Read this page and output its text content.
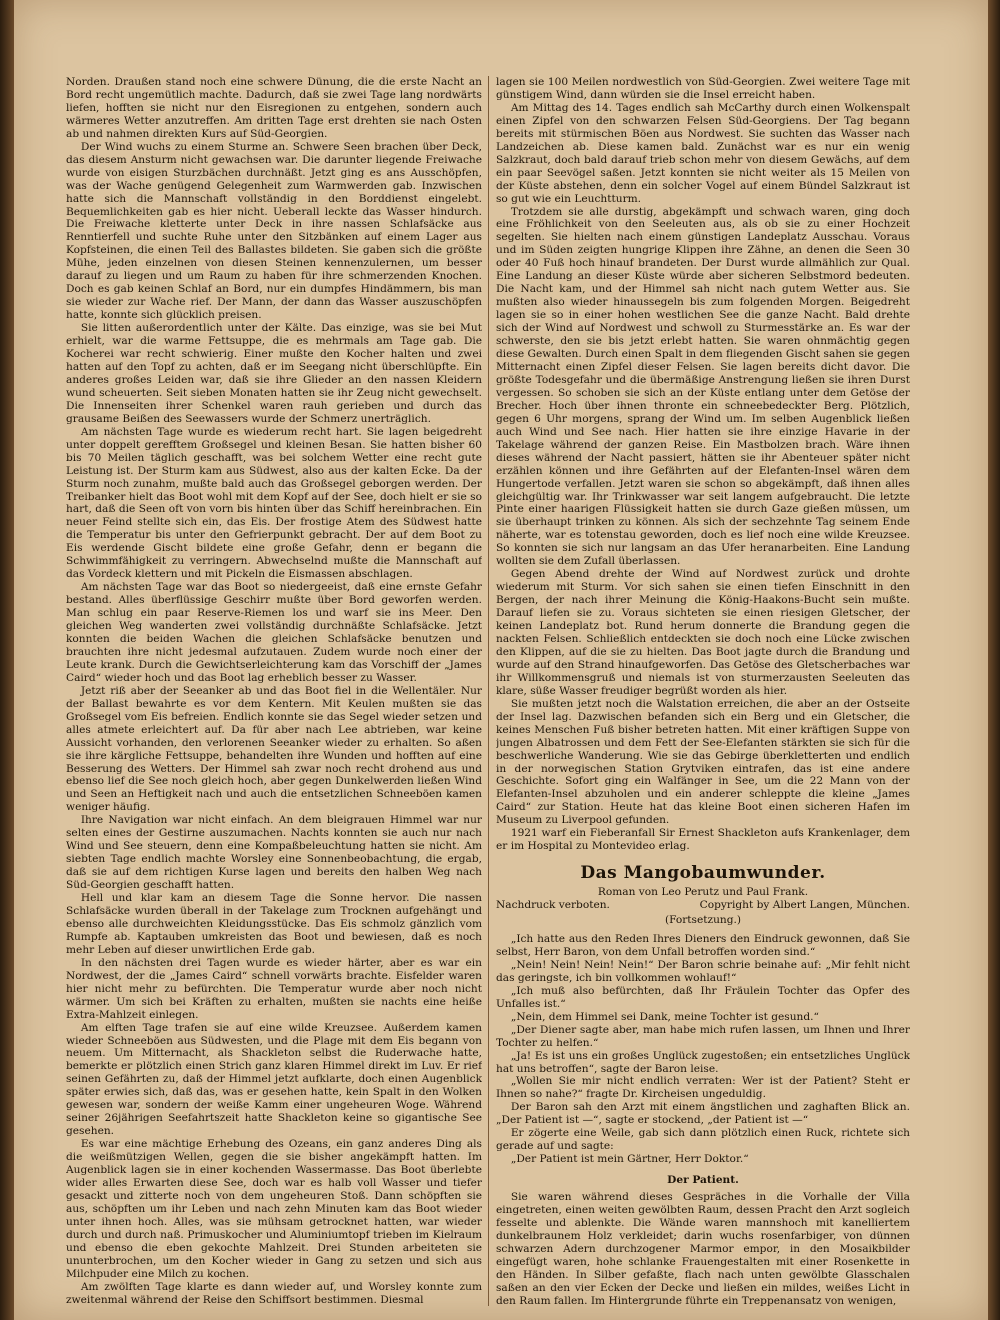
Norden. Draußen stand noch eine schwere Dünung, die die erste Nacht an Bord recht ungemütlich machte. Dadurch, daß sie zwei Tage lang nordwärts liefen, hofften sie nicht nur den Eisregionen zu entgehen, sondern auch wärmeres Wetter anzutreffen. Am dritten Tage erst drehten sie nach Osten ab und nahmen direkten Kurs auf Süd-Georgien.

Der Wind wuchs zu einem Sturme an. Schwere Seen brachen über Deck, das diesem Ansturm nicht gewachsen war. Die darunter liegende Freiwache wurde von eisigen Sturzbächen durchnäßt. Jetzt ging es ans Ausschöpfen, was der Wache genügend Gelegenheit zum Warmwerden gab. Inzwischen hatte sich die Mannschaft vollständig in den Borddienst eingelebt. Bequemlichkeiten gab es hier nicht. Ueberall leckte das Wasser hindurch. Die Freiwache kletterte unter Deck in ihre nassen Schlafsäcke aus Renntierfell und suchte Ruhe unter den Sitzbänken auf einem Lager aus Kopfsteinen, die einen Teil des Ballastes bildeten. Sie gaben sich die größte Mühe, jeden einzelnen von diesen Steinen kennenzulernen, um besser darauf zu liegen und um Raum zu haben für ihre schmerzenden Knochen. Doch es gab keinen Schlaf an Bord, nur ein dumpfes Hindämmern, bis man sie wieder zur Wache rief. Der Mann, der dann das Wasser auszuschöpfen hatte, konnte sich glücklich preisen.

Sie litten außerordentlich unter der Kälte. Das einzige, was sie bei Mut erhielt, war die warme Fettsuppe, die es mehrmals am Tage gab. Die Kocherei war recht schwierig. Einer mußte den Kocher halten und zwei hatten auf den Topf zu achten, daß er im Seegang nicht überschlüpfte. Ein anderes großes Leiden war, daß sie ihre Glieder an den nassen Kleidern wund scheuerten. Seit sieben Monaten hatten sie ihr Zeug nicht gewechselt. Die Innenseiten ihrer Schenkel waren rauh gerieben und durch das grausame Beißen des Seewassers wurde der Schmerz unerträglich.

Am nächsten Tage wurde es wiederum recht hart. Sie lagen beigedreht unter doppelt gerefftem Großsegel und kleinen Besan. Sie hatten bisher 60 bis 70 Meilen täglich geschafft, was bei solchem Wetter eine recht gute Leistung ist. Der Sturm kam aus Südwest, also aus der kalten Ecke. Da der Sturm noch zunahm, mußte bald auch das Großsegel geborgen werden. Der Treibanker hielt das Boot wohl mit dem Kopf auf der See, doch hielt er sie so hart, daß die Seen oft von vorn bis hinten über das Schiff hereinbrachen. Ein neuer Feind stellte sich ein, das Eis. Der frostige Atem des Südwest hatte die Temperatur bis unter den Gefrierpunkt gebracht. Der auf dem Boot zu Eis werdende Gischt bildete eine große Gefahr, denn er begann die Schwimmfähigkeit zu verringern. Abwechselnd mußte die Mannschaft auf das Vordeck klettern und mit Pickeln die Eismassen abschlagen.

Am nächsten Tage war das Boot so niedergeeist, daß eine ernste Gefahr bestand. Alles überflüssige Geschirr mußte über Bord geworfen werden. Man schlug ein paar Reserve-Riemen los und warf sie ins Meer. Den gleichen Weg wanderten zwei vollständig durchnäßte Schlafsäcke. Jetzt konnten die beiden Wachen die gleichen Schlafsäcke benutzen und brauchten ihre nicht jedesmal aufzutauen. Zudem wurde noch einer der Leute krank. Durch die Gewichtserleichterung kam das Vorschiff der „James Caird“ wieder hoch und das Boot lag erheblich besser zu Wasser.

Jetzt riß aber der Seeanker ab und das Boot fiel in die Wellentäler. Nur der Ballast bewahrte es vor dem Kentern. Mit Keulen mußten sie das Großsegel vom Eis befreien. Endlich konnte sie das Segel wieder setzen und alles atmete erleichtert auf. Da für aber nach Lee abtrieben, war keine Aussicht vorhanden, den verlorenen Seeanker wieder zu erhalten. So aßen sie ihre kärgliche Fettsuppe, behandelten ihre Wunden und hofften auf eine Besserung des Wetters. Der Himmel sah zwar noch recht drohend aus und ebenso lief die See noch gleich hoch, aber gegen Dunkelwerden ließen Wind und Seen an Heftigkeit nach und auch die entsetzlichen Schneeböen kamen weniger häufig.

Ihre Navigation war nicht einfach. An dem bleigrauen Himmel war nur selten eines der Gestirne auszumachen. Nachts konnten sie auch nur nach Wind und See steuern, denn eine Kompaßbeleuchtung hatten sie nicht. Am siebten Tage endlich machte Worsley eine Sonnenbeobachtung, die ergab, daß sie auf dem richtigen Kurse lagen und bereits den halben Weg nach Süd-Georgien geschafft hatten.

Hell und klar kam an diesem Tage die Sonne hervor. Die nassen Schlafsäcke wurden überall in der Takelage zum Trocknen aufgehängt und ebenso alle durchweichten Kleidungsstücke. Das Eis schmolz gänzlich vom Rumpfe ab. Kaptauben umkreisten das Boot und bewiesen, daß es noch mehr Leben auf dieser unwirtlichen Erde gab.

In den nächsten drei Tagen wurde es wieder härter, aber es war ein Nordwest, der die „James Caird“ schnell vorwärts brachte. Eisfelder waren hier nicht mehr zu befürchten. Die Temperatur wurde aber noch nicht wärmer. Um sich bei Kräften zu erhalten, mußten sie nachts eine heiße Extra-Mahlzeit einlegen.

Am elften Tage trafen sie auf eine wilde Kreuzsee. Außerdem kamen wieder Schneeböen aus Südwesten, und die Plage mit dem Eis begann von neuem. Um Mitternacht, als Shackleton selbst die Ruderwache hatte, bemerkte er plötzlich einen Strich ganz klaren Himmel direkt im Luv. Er rief seinen Gefährten zu, daß der Himmel jetzt aufklarte, doch einen Augenblick später erwies sich, daß das, was er gesehen hatte, kein Spalt in den Wolken gewesen war, sondern der weiße Kamm einer ungeheuren Woge. Während seiner 26jährigen Seefahrtszeit hatte Shackleton keine so gigantische See gesehen.

Es war eine mächtige Erhebung des Ozeans, ein ganz anderes Ding als die weißmützigen Wellen, gegen die sie bisher angekämpft hatten. Im Augenblick lagen sie in einer kochenden Wassermasse. Das Boot überlebte wider alles Erwarten diese See, doch war es halb voll Wasser und tiefer gesackt und zitterte noch von dem ungeheuren Stoß. Dann schöpften sie aus, schöpften um ihr Leben und nach zehn Minuten kam das Boot wieder unter ihnen hoch. Alles, was sie mühsam getrocknet hatten, war wieder durch und durch naß. Primuskocher und Aluminiumtopf trieben im Kielraum und ebenso die eben gekochte Mahlzeit. Drei Stunden arbeiteten sie ununterbrochen, um den Kocher wieder in Gang zu setzen und sich aus Milchpuder eine Milch zu kochen.

Am zwölften Tage klarte es dann wieder auf, und Worsley konnte zum zweitenmal während der Reise den Schiffsort bestimmen. Diesmal

lagen sie 100 Meilen nordwestlich von Süd-Georgien. Zwei weitere Tage mit günstigem Wind, dann würden sie die Insel erreicht haben.

Am Mittag des 14. Tages endlich sah McCarthy durch einen Wolkenspalt einen Zipfel von den schwarzen Felsen Süd-Georgiens. Der Tag begann bereits mit stürmischen Böen aus Nordwest. Sie suchten das Wasser nach Landzeichen ab. Diese kamen bald. Zunächst war es nur ein wenig Salzkraut, doch bald darauf trieb schon mehr von diesem Gewächs, auf dem ein paar Seevögel saßen. Jetzt konnten sie nicht weiter als 15 Meilen von der Küste abstehen, denn ein solcher Vogel auf einem Bündel Salzkraut ist so gut wie ein Leuchtturm.

Trotzdem sie alle durstig, abgekämpft und schwach waren, ging doch eine Fröhlichkeit von den Seeleuten aus, als ob sie zu einer Hochzeit segelten. Sie hielten nach einem günstigen Landeplatz Ausschau. Voraus und im Süden zeigten hungrige Klippen ihre Zähne, an denen die Seen 30 oder 40 Fuß hoch hinauf brandeten. Der Durst wurde allmählich zur Qual. Eine Landung an dieser Küste würde aber sicheren Selbstmord bedeuten. Die Nacht kam, und der Himmel sah nicht nach gutem Wetter aus. Sie mußten also wieder hinaussegeln bis zum folgenden Morgen. Beigedreht lagen sie so in einer hohen westlichen See die ganze Nacht. Bald drehte sich der Wind auf Nordwest und schwoll zu Sturmesstärke an. Es war der schwerste, den sie bis jetzt erlebt hatten. Sie waren ohnmächtig gegen diese Gewalten. Durch einen Spalt in dem fliegenden Gischt sahen sie gegen Mitternacht einen Zipfel dieser Felsen. Sie lagen bereits dicht davor. Die größte Todesgefahr und die übermäßige Anstrengung ließen sie ihren Durst vergessen. So schoben sie sich an der Küste entlang unter dem Getöse der Brecher. Hoch über ihnen thronte ein schneebedeckter Berg. Plötzlich, gegen 6 Uhr morgens, sprang der Wind um. Im selben Augenblick ließen auch Wind und See nach. Hier hatten sie ihre einzige Havarie in der Takelage während der ganzen Reise. Ein Mastbolzen brach. Wäre ihnen dieses während der Nacht passiert, hätten sie ihr Abenteuer später nicht erzählen können und ihre Gefährten auf der Elefanten-Insel wären dem Hungertode verfallen. Jetzt waren sie schon so abgekämpft, daß ihnen alles gleichgültig war. Ihr Trinkwasser war seit langem aufgebraucht. Die letzte Pinte einer haarigen Flüssigkeit hatten sie durch Gaze gießen müssen, um sie überhaupt trinken zu können. Als sich der sechzehnte Tag seinem Ende näherte, war es totenstau geworden, doch es lief noch eine wilde Kreuzsee. So konnten sie sich nur langsam an das Ufer heranarbeiten. Eine Landung wollten sie dem Zufall überlassen.

Gegen Abend drehte der Wind auf Nordwest zurück und drohte wiederum mit Sturm. Vor sich sahen sie einen tiefen Einschnitt in den Bergen, der nach ihrer Meinung die König-Haakons-Bucht sein mußte. Darauf liefen sie zu. Voraus sichteten sie einen riesigen Gletscher, der keinen Landeplatz bot. Rund herum donnerte die Brandung gegen die nackten Felsen. Schließlich entdeckten sie doch noch eine Lücke zwischen den Klippen, auf die sie zu hielten. Das Boot jagte durch die Brandung und wurde auf den Strand hinaufgeworfen. Das Getöse des Gletscherbaches war ihr Willkommensgruß und niemals ist von sturmerzausten Seeleuten das klare, süße Wasser freudiger begrüßt worden als hier.

Sie mußten jetzt noch die Walstation erreichen, die aber an der Ostseite der Insel lag. Dazwischen befanden sich ein Berg und ein Gletscher, die keines Menschen Fuß bisher betreten hatten. Mit einer kräftigen Suppe von jungen Albatrossen und dem Fett der See-Elefanten stärkten sie sich für die beschwerliche Wanderung. Wie sie das Gebirge überkletterten und endlich in der norwegischen Station Grytviken eintrafen, das ist eine andere Geschichte. Sofort ging ein Walfänger in See, um die 22 Mann von der Elefanten-Insel abzuholen und ein anderer schleppte die kleine „James Caird“ zur Station. Heute hat das kleine Boot einen sicheren Hafen im Museum zu Liverpool gefunden.

1921 warf ein Fieberanfall Sir Ernest Shackleton aufs Krankenlager, dem er im Hospital zu Montevideo erlag.

Das Mangobaumwunder.

Roman von Leo Perutz und Paul Frank.

Nachdruck verboten.	Copyright by Albert Langen, München.

(Fortsetzung.)

„Ich hatte aus den Reden Ihres Dieners den Eindruck gewonnen, daß Sie selbst, Herr Baron, von dem Unfall betroffen worden sind.“

„Nein! Nein! Nein! Nein!“ Der Baron schrie beinahe auf: „Mir fehlt nicht das geringste, ich bin vollkommen wohlauf!“

„Ich muß also befürchten, daß Ihr Fräulein Tochter das Opfer des Unfalles ist.“

„Nein, dem Himmel sei Dank, meine Tochter ist gesund.“

„Der Diener sagte aber, man habe mich rufen lassen, um Ihnen und Ihrer Tochter zu helfen.“

„Ja! Es ist uns ein großes Unglück zugestoßen; ein entsetzliches Unglück hat uns betroffen“, sagte der Baron leise.

„Wollen Sie mir nicht endlich verraten: Wer ist der Patient? Steht er Ihnen so nahe?“ fragte Dr. Kircheisen ungeduldig.

Der Baron sah den Arzt mit einem ängstlichen und zaghaften Blick an. „Der Patient ist —“, sagte er stockend, „der Patient ist —“

Er zögerte eine Weile, gab sich dann plötzlich einen Ruck, richtete sich gerade auf und sagte:

„Der Patient ist mein Gärtner, Herr Doktor.“

Der Patient.

Sie waren während dieses Gespräches in die Vorhalle der Villa eingetreten, einen weiten gewölbten Raum, dessen Pracht den Arzt sogleich fesselte und ablenkte. Die Wände waren mannshoch mit kanelliertem dunkelbraunem Holz verkleidet; darin wuchs rosenfarbiger, von dünnen schwarzen Adern durchzogener Marmor empor, in den Mosaikbilder eingefügt waren, hohe schlanke Frauengestalten mit einer Rosenkette in den Händen. In Silber gefaßte, flach nach unten gewölbte Glasschalen saßen an den vier Ecken der Decke und ließen ein mildes, weißes Licht in den Raum fallen. Im Hintergrunde führte ein Treppenansatz von wenigen,
